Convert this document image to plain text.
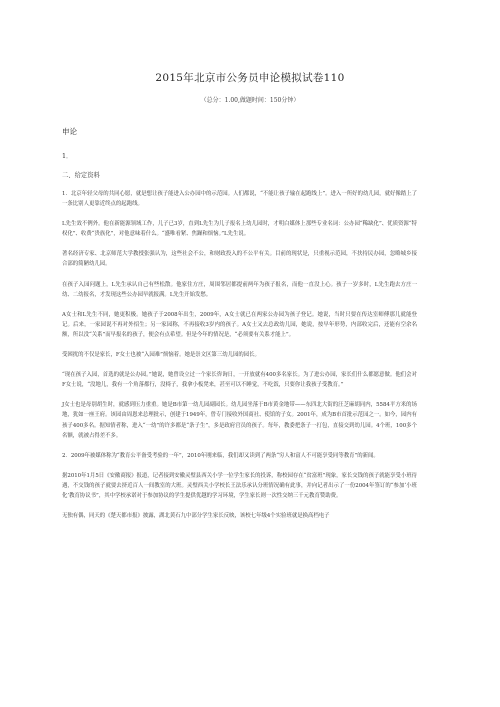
2015年北京市公务员申论模拟试卷110
（总分：1.00,做题时间：150分钟）
申论
1．
二、给定资料

1．北京年轻父母的共同心愿，就是想让孩子能进入公办园中的示范园。人们都说，“不能让孩子输在起跑线上”。进入一所好的幼儿园，就好像踏上了一条比别人更靠近终点的起跑线。

L先生效不例外。他在新能源领域工作，儿子已3岁，直到L先生为儿子报名上幼儿园时，才明白媒体上那些专业名词：公办园“稀缺化”、优质资源“特权化”、收费“贵族化”，对他意味着什么。“盛唯看紧、焦躁和烦恼。”L先生说。

著名经济专家、北京师范大学教授张强认为，这些社会不公，和财政投入的不公平有关。目前的现状是，只重视示范园，不扶持民办园，忽略城乡接合部的简陋幼儿园。

在孩子入园问题上，L先生承认自己有些松散。他家住方庄，周围邻居都提前两年为孩子报名，而他一直没上心。孩子一岁多时，L先生跑去方庄一幼、二幼报名，才发现这些公办园早就报满。L先生开始发愁。

A女士和L先生不同，她更积极。她孩子于2008年出生，2009年，A女士就已在两家公办园为孩子登记。她说，当时只要在传达室师傅那儿就能登记。后来，一家园说不再对外招生；另一家园称，不再接收3岁内的孩子。A女士又去总政幼儿园，她说，按早年形势，内部收完后，还能有空余名额，所以没“关系”而早报名的孩子，便会有点希望。但是今年的情况是，“必须要有关系才能上”。

受困扰的不仅是家长，F女士也被“入园难”烦恼着。她是崇文区第三幼儿园的园长。

“现在孩子入园，首选的就是公办园。”她说，她曾设立过一个家长咨询日，一开放就有400多名家长。为了进公办园，家长们什么都愿意做。他们会对F女士说，“没地儿，我有一个角落都行，没椅子，我拿小板凳来，甚至可以不睡觉，不吃饭，只要你让我孩子受教育。”

J女士也是母别胡生时，就感到压力重重。她是B市第一幼儿园副园长。幼儿园坐落于B市黄金地带——东四北大街的汪芝麻胡同内，5584平方米的场地，犹如一座王府。该园由周恩来总理批示，创建于1949年，曾专门接收外国商社、使馆的子女。2001年，成为B市首批示范园之一。如今，园内有孩子400多名。据知情者称，进入“一幼”的许多都是“条子生”，多是政府官员的孩子。每年，教委把条子一打包，直接交到幼儿园。4个班，100多个名额，就被占得差不多。

2．2009年被媒体称为“教育公平备受考验的一年”，2010年刚来临，我们却又读到了两条“穷人和富人不可能享受同等教育”的新闻。

据2010年1月5日《安徽商报》报道，记者接到安徽灵璧县西关小学一位学生家长的投诉，称校园存在“贫富班”现象，家长交钱的孩子就能享受小班待遇，不交钱的孩子就要去挤近百人一间教室的大班。灵璧西关小学校长王法乐承认分班情况确有此事，并向记者出示了一份2004年签订的“参加‘小班化’教育协议书”，其中学校承诺对于参加协议的学生提供优越的学习环境，学生家长则一次性交纳三千元教育赞助费。

无独有偶，同天的《楚天都市报》披露，湖北黄石九中部分学生家长反映，该校七年级4个实验班就是换高档电子
